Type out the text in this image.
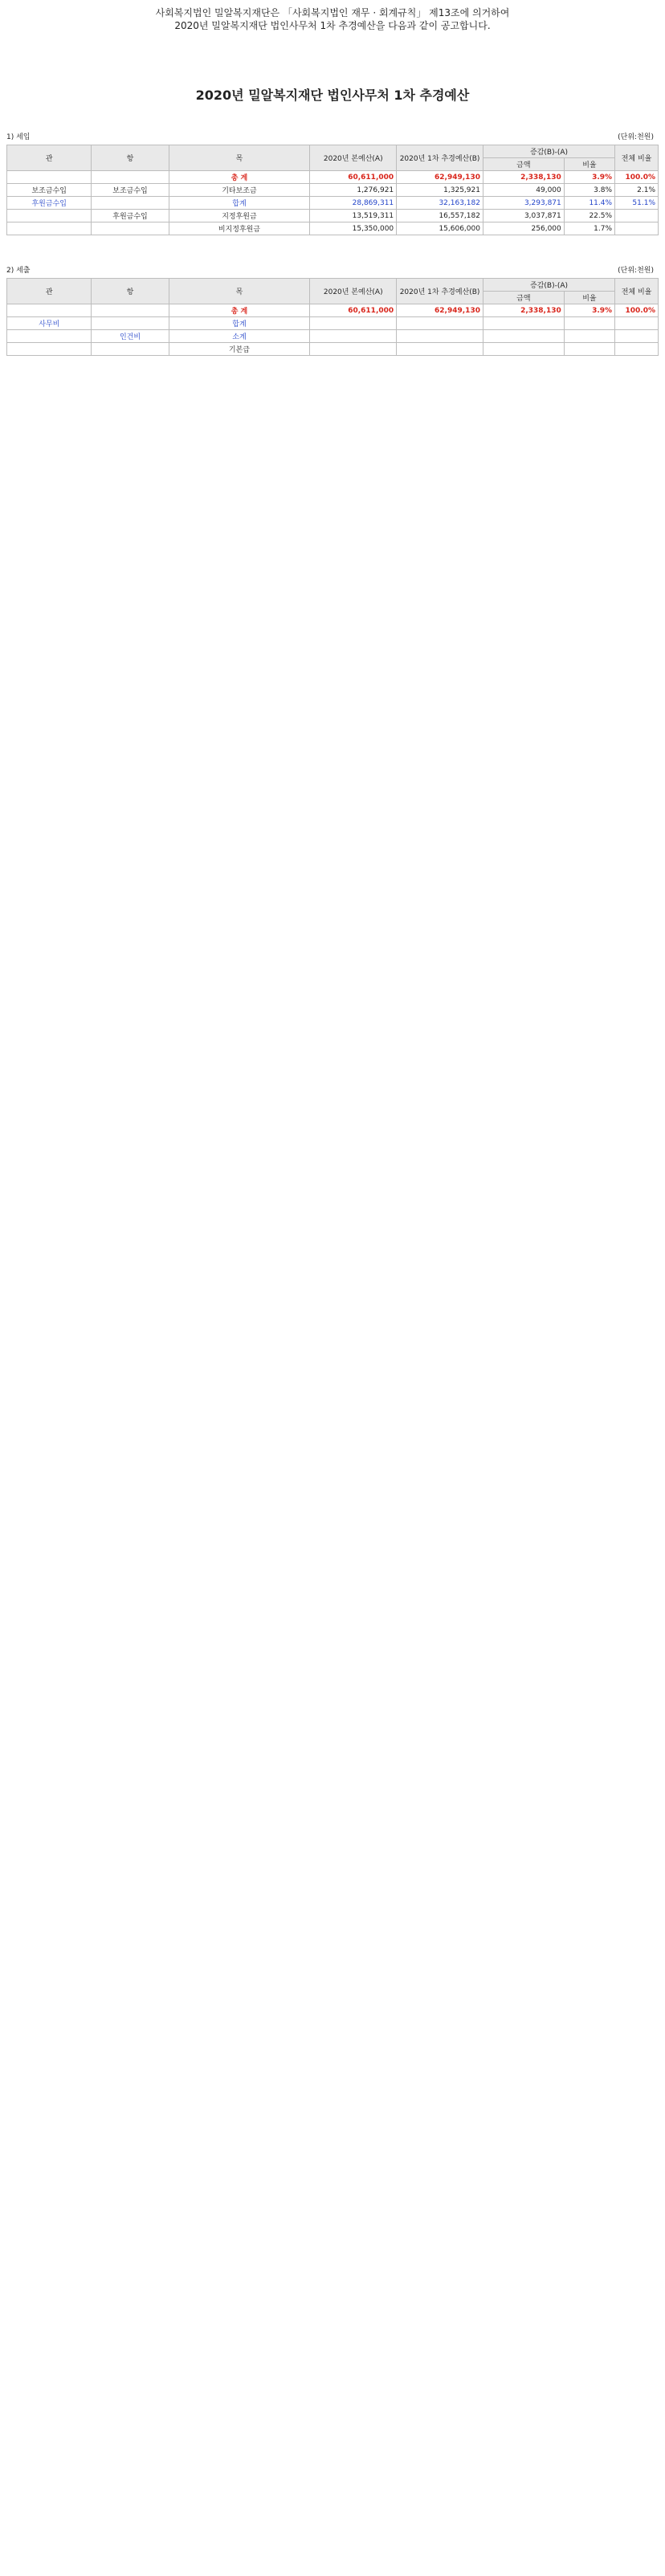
사회복지법인 밀알복지재단은 「사회복지법인 재무 · 회계규칙」 제13조에 의거하여
2020년 밀알복지재단 법인사무처 1차 추경예산을 다음과 같이 공고합니다.
2020년 밀알복지재단 법인사무처 1차 추경예산
1) 세입	(단위:천원)
관	항	목	2020년 본예산(A)	2020년 1차 추경예산(B)	증감(B)-(A)		전체 비율
					금액	비율	
		총 계	60,611,000	62,949,130	2,338,130	3.9%	100.0%
보조금수입	보조금수입	기타보조금	1,276,921	1,325,921	49,000	3.8%	2.1%
후원금수입		합계	28,869,311	32,163,182	3,293,871	11.4%	51.1%
	후원금수입	지정후원금	13,519,311	16,557,182	3,037,871	22.5%	
		비지정후원금	15,350,000	15,606,000	256,000	1.7%	
2) 세출	(단위:천원)
관	항	목	2020년 본예산(A)	2020년 1차 추경예산(B)	증감(B)-(A)		전체 비율
					금액	비율	
		총 계	60,611,000	62,949,130	2,338,130	3.9%	100.0%
사무비		합계					
	인건비	소계					
		기본급					
